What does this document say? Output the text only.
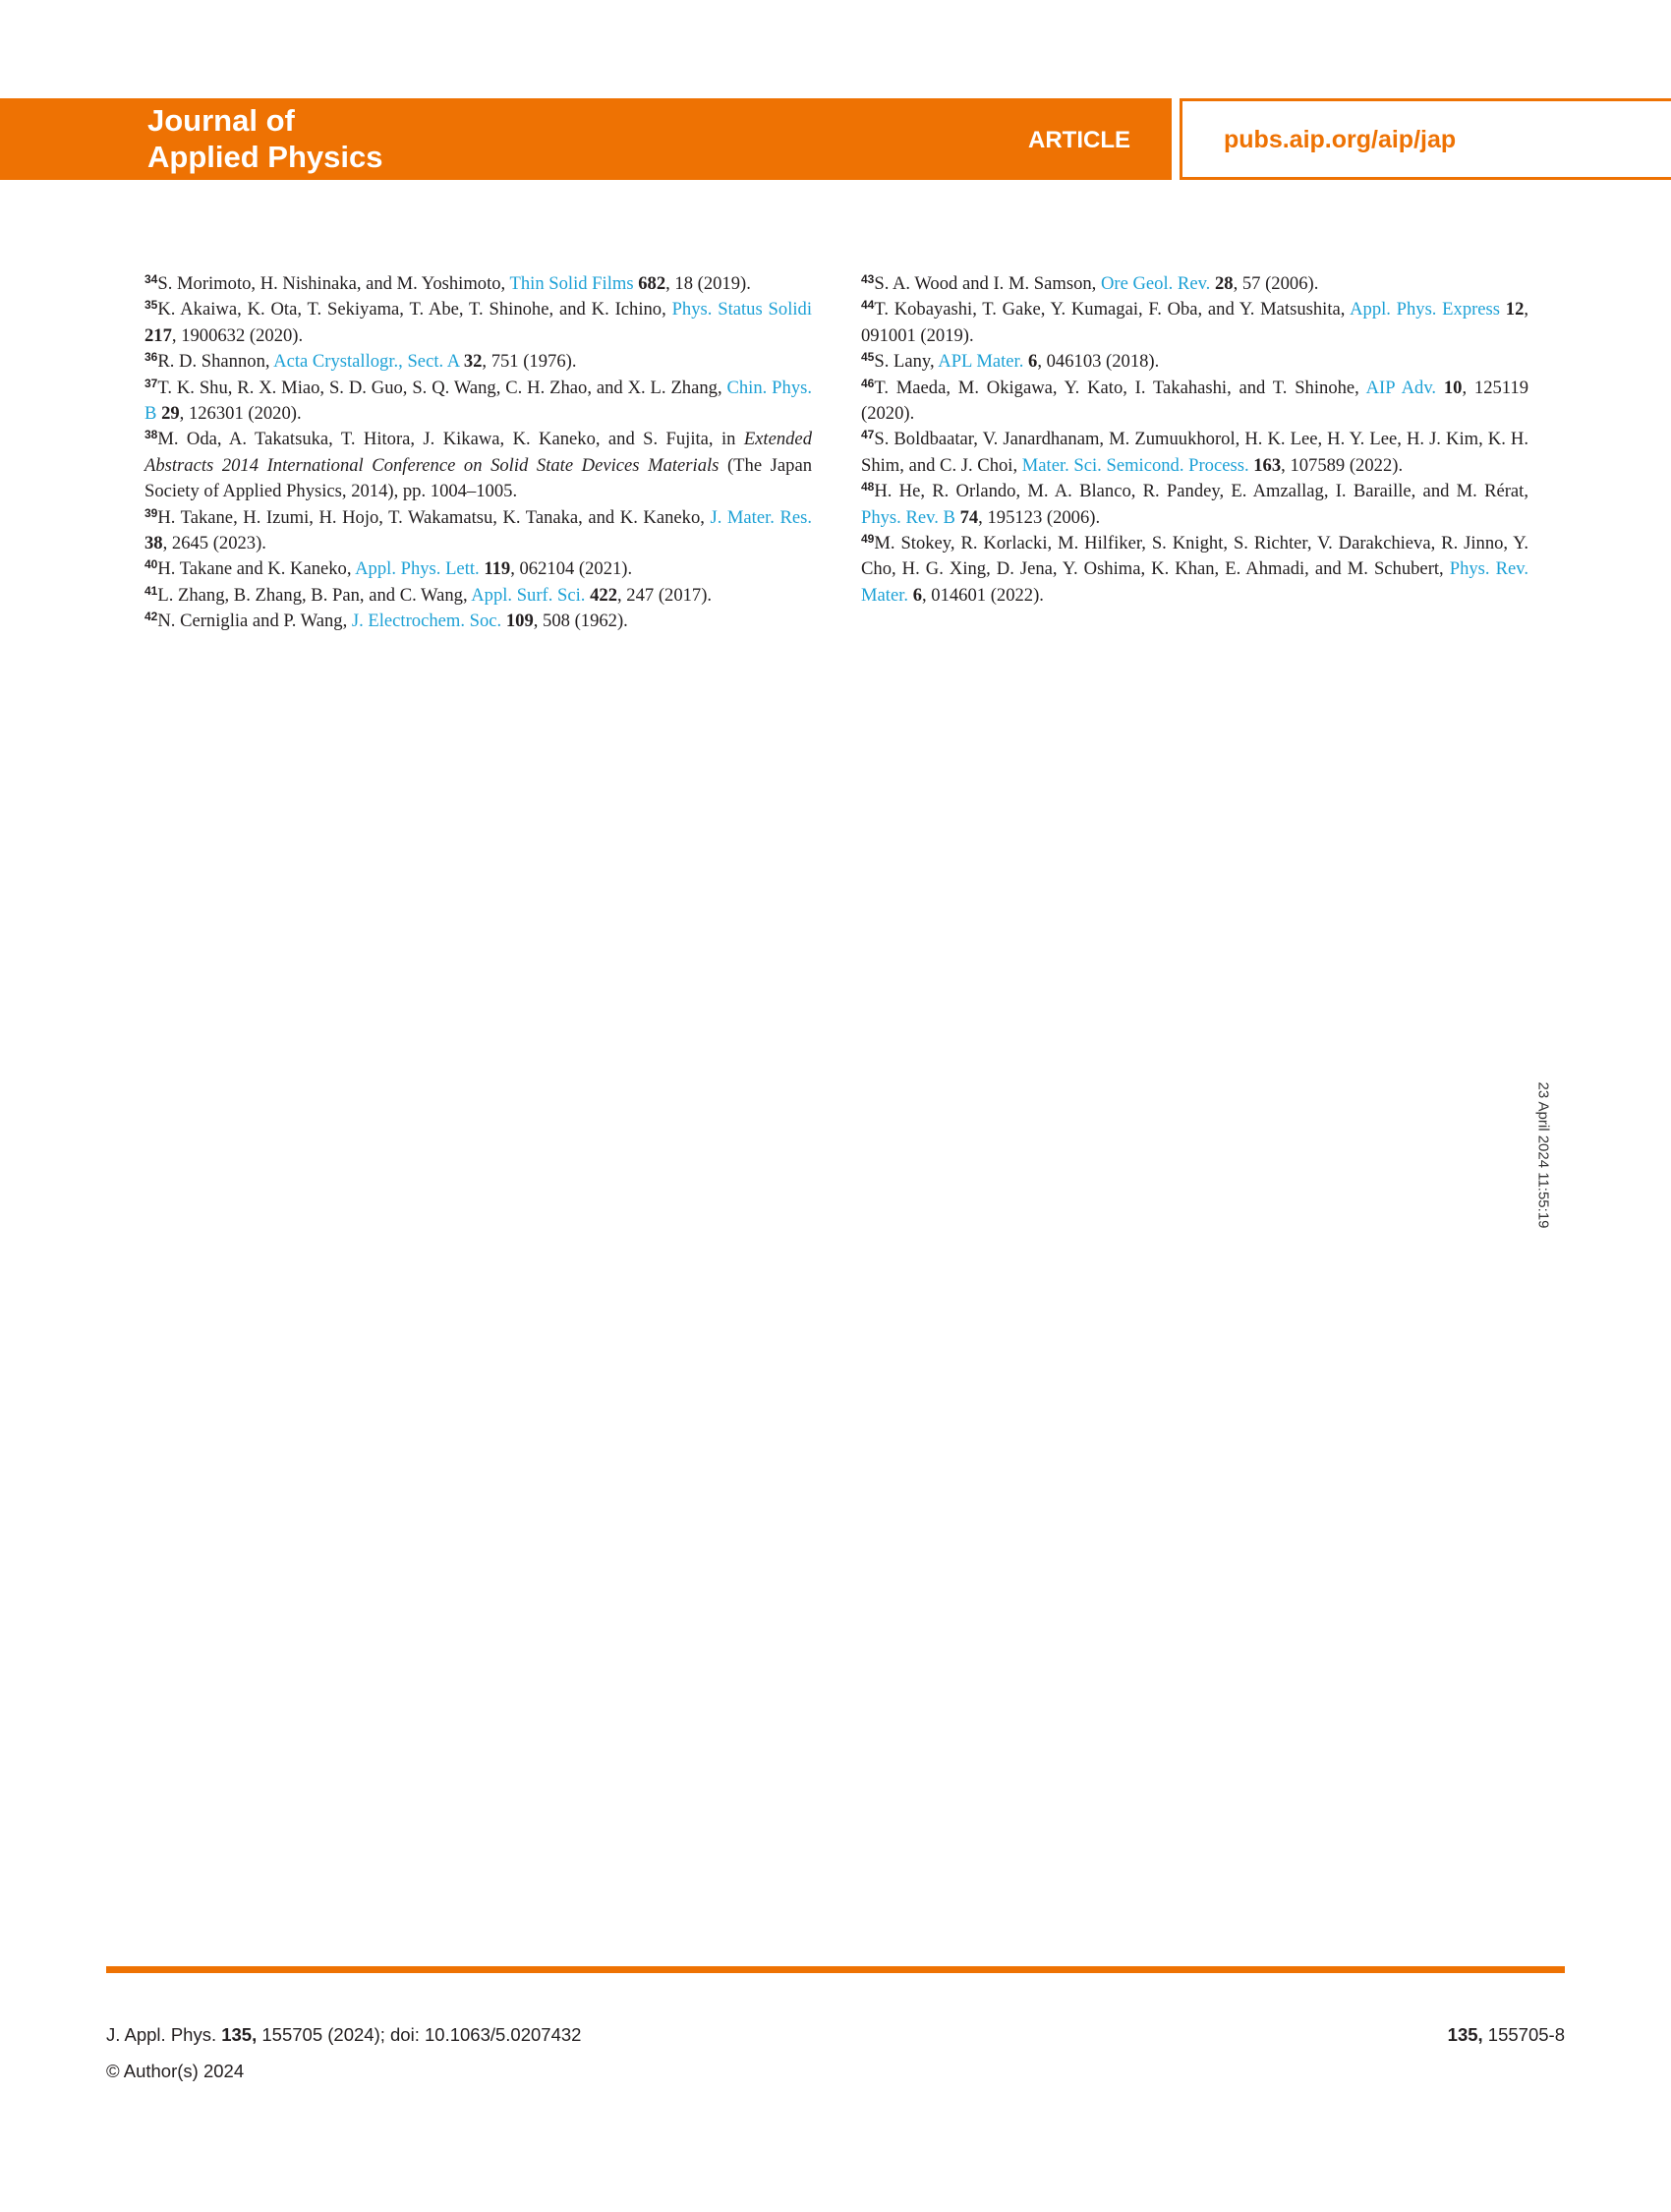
Journal of
Applied Physics	ARTICLE	pubs.aip.org/aip/jap

$^{34}$S. Morimoto, H. Nishinaka, and M. Yoshimoto, Thin Solid Films 682, 18 (2019).

$^{35}$K. Akaiwa, K. Ota, T. Sekiyama, T. Abe, T. Shinohe, and K. Ichino, Phys. Status Solidi 217, 1900632 (2020).

$^{36}$R. D. Shannon, Acta Crystallogr., Sect. A 32, 751 (1976).

$^{37}$T. K. Shu, R. X. Miao, S. D. Guo, S. Q. Wang, C. H. Zhao, and X. L. Zhang, Chin. Phys. B 29, 126301 (2020).

$^{38}$M. Oda, A. Takatsuka, T. Hitora, J. Kikawa, K. Kaneko, and S. Fujita, in Extended Abstracts 2014 International Conference on Solid State Devices Materials (The Japan Society of Applied Physics, 2014), pp. 1004–1005.

$^{39}$H. Takane, H. Izumi, H. Hojo, T. Wakamatsu, K. Tanaka, and K. Kaneko, J. Mater. Res. 38, 2645 (2023).

$^{40}$H. Takane and K. Kaneko, Appl. Phys. Lett. 119, 062104 (2021).

$^{41}$L. Zhang, B. Zhang, B. Pan, and C. Wang, Appl. Surf. Sci. 422, 247 (2017).

$^{42}$N. Cerniglia and P. Wang, J. Electrochem. Soc. 109, 508 (1962).

$^{43}$S. A. Wood and I. M. Samson, Ore Geol. Rev. 28, 57 (2006).

$^{44}$T. Kobayashi, T. Gake, Y. Kumagai, F. Oba, and Y. Matsushita, Appl. Phys. Express 12, 091001 (2019).

$^{45}$S. Lany, APL Mater. 6, 046103 (2018).

$^{46}$T. Maeda, M. Okigawa, Y. Kato, I. Takahashi, and T. Shinohe, AIP Adv. 10, 125119 (2020).

$^{47}$S. Boldbaatar, V. Janardhanam, M. Zumuukhorol, H. K. Lee, H. Y. Lee, H. J. Kim, K. H. Shim, and C. J. Choi, Mater. Sci. Semicond. Process. 163, 107589 (2022).

$^{48}$H. He, R. Orlando, M. A. Blanco, R. Pandey, E. Amzallag, I. Baraille, and M. Rérat, Phys. Rev. B 74, 195123 (2006).

$^{49}$M. Stokey, R. Korlacki, M. Hilfiker, S. Knight, S. Richter, V. Darakchieva, R. Jinno, Y. Cho, H. G. Xing, D. Jena, Y. Oshima, K. Khan, E. Ahmadi, and M. Schubert, Phys. Rev. Mater. 6, 014601 (2022).

23 April 2024 11:55:19
J. Appl. Phys. 135, 155705 (2024); doi: 10.1063/5.0207432
© Author(s) 2024
135, 155705-8
